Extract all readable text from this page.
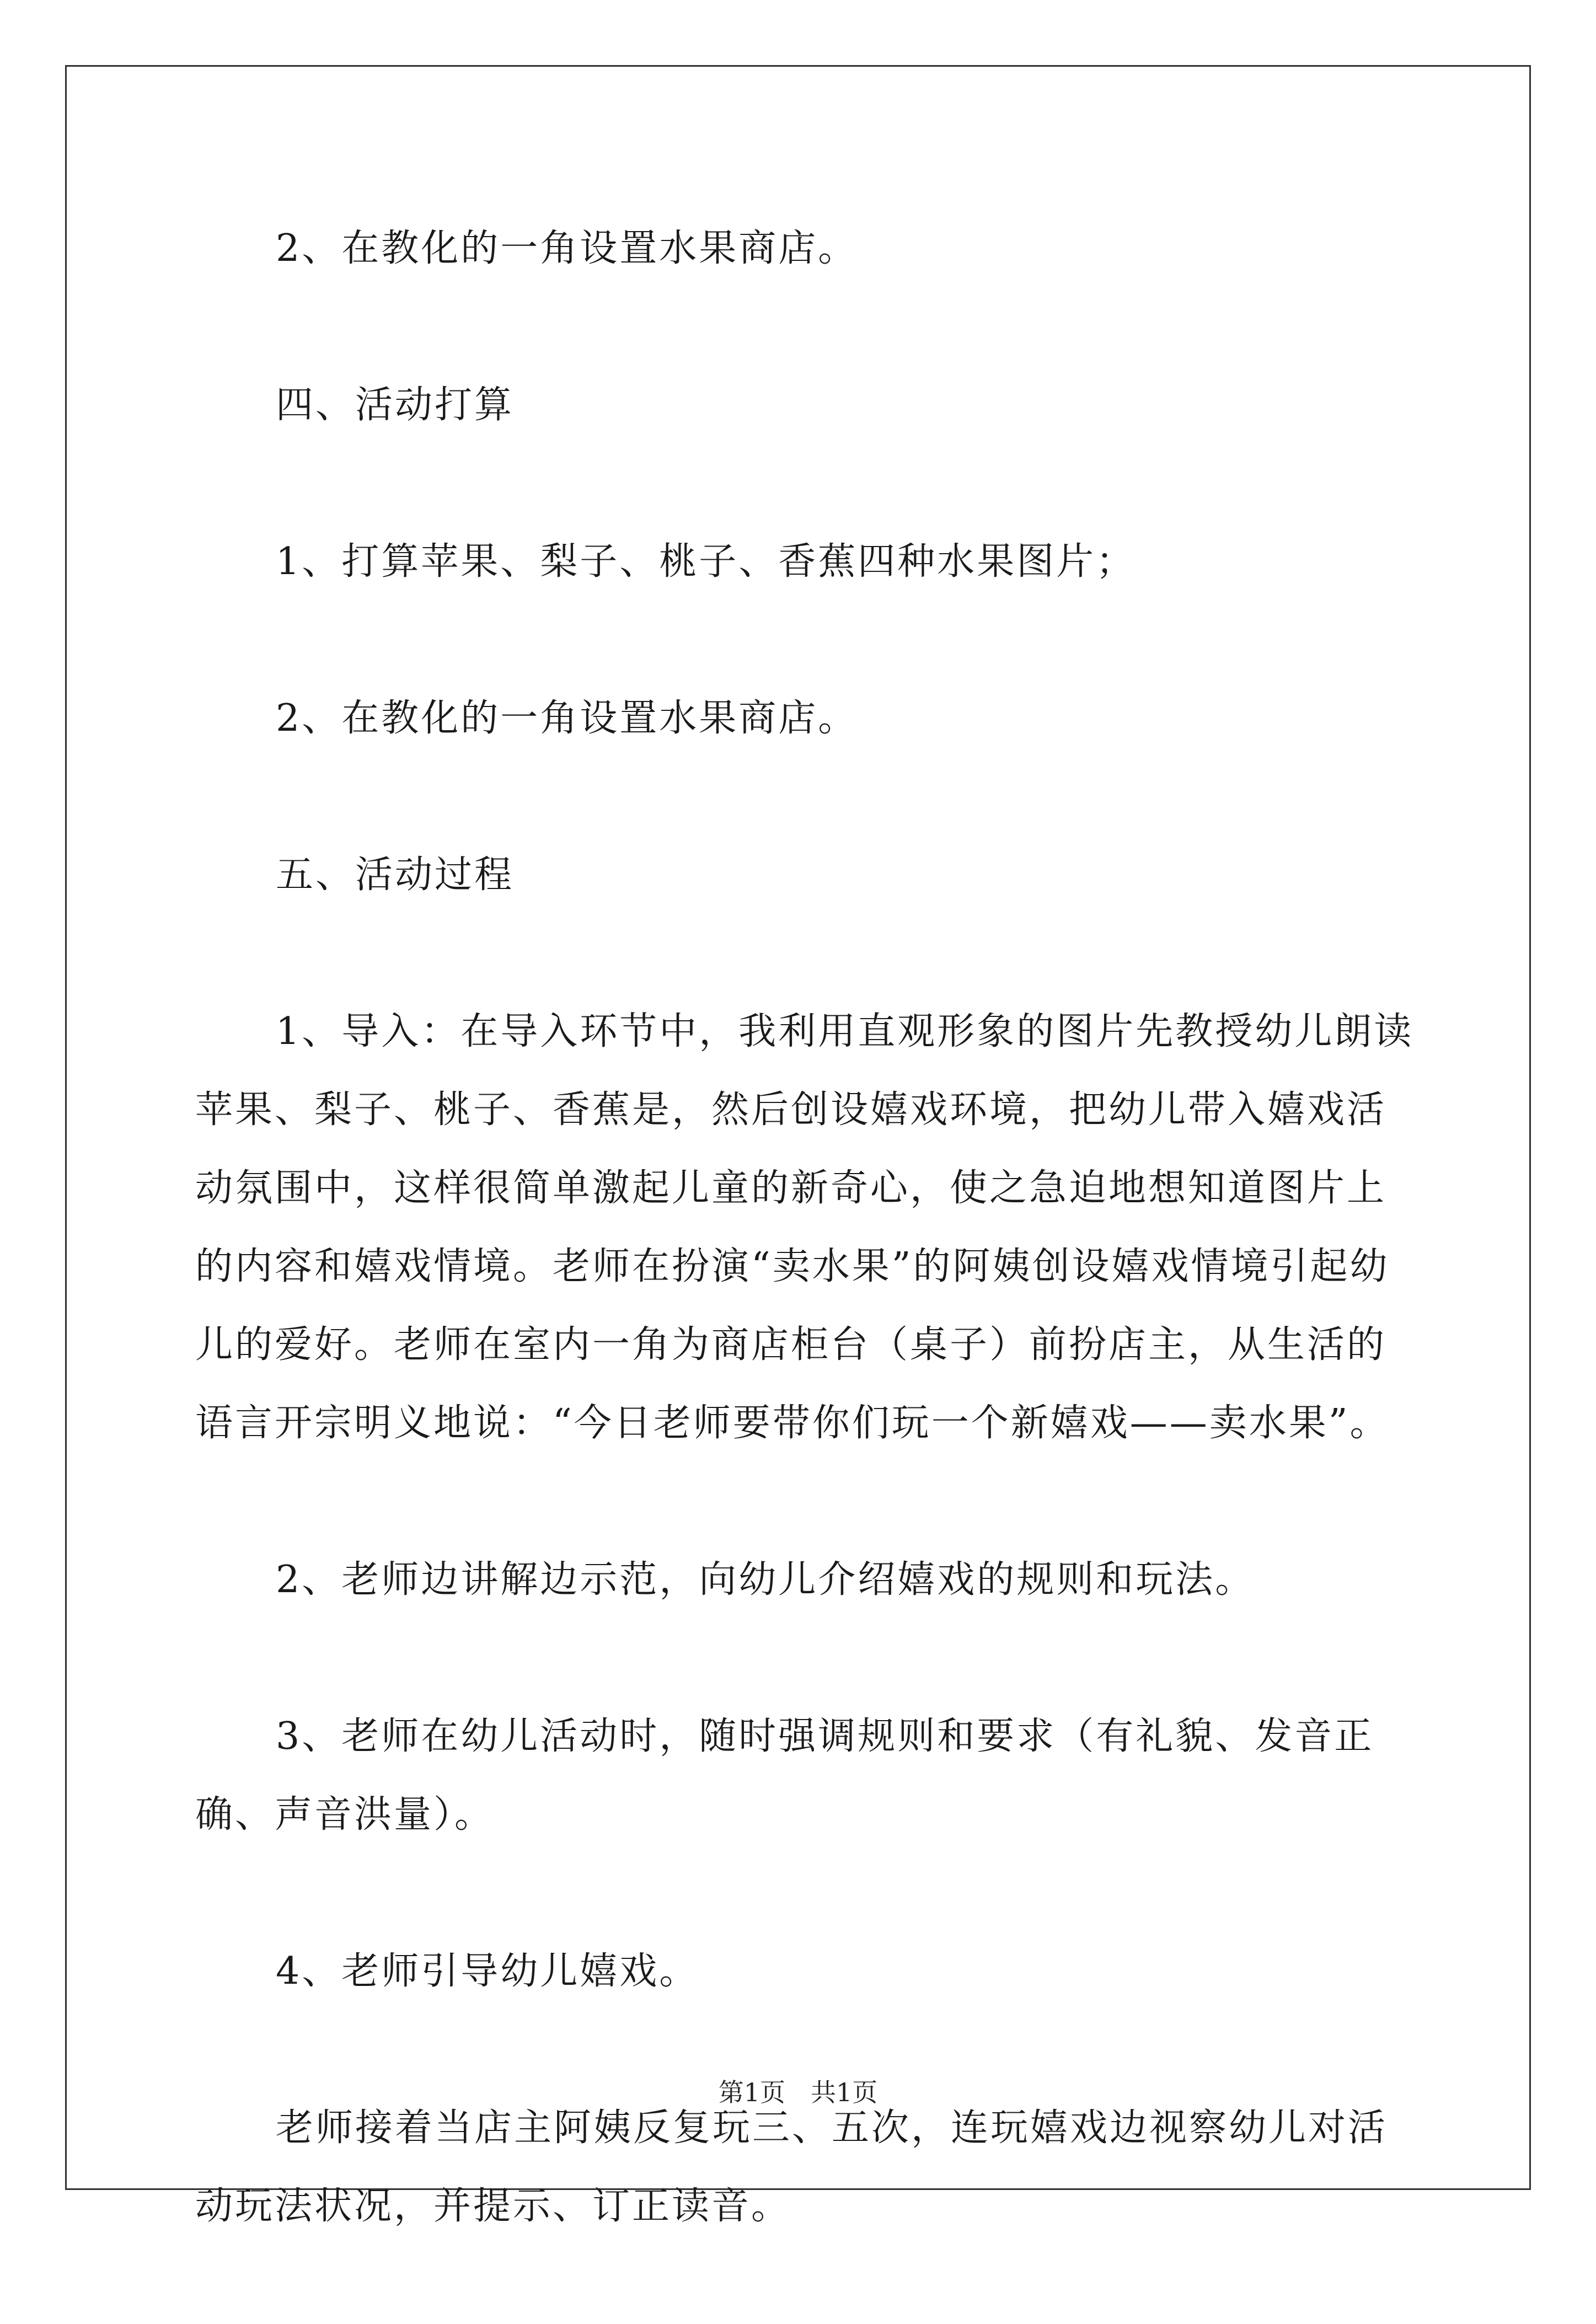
2、在教化的一角设置水果商店。

四、活动打算

1、打算苹果、梨子、桃子、香蕉四种水果图片；

2、在教化的一角设置水果商店。

五、活动过程

1、导入：在导入环节中，我利用直观形象的图片先教授幼儿朗读苹果、梨子、桃子、香蕉是，然后创设嬉戏环境，把幼儿带入嬉戏活动氛围中，这样很简单激起儿童的新奇心，使之急迫地想知道图片上的内容和嬉戏情境。老师在扮演“卖水果”的阿姨创设嬉戏情境引起幼儿的爱好。老师在室内一角为商店柜台（桌子）前扮店主，从生活的语言开宗明义地说：“今日老师要带你们玩一个新嬉戏——卖水果”。

2、老师边讲解边示范，向幼儿介绍嬉戏的规则和玩法。

3、老师在幼儿活动时，随时强调规则和要求（有礼貌、发音正确、声音洪量）。

4、老师引导幼儿嬉戏。

老师接着当店主阿姨反复玩三、五次，连玩嬉戏边视察幼儿对活动玩法状况，并提示、订正读音。

第1页　共1页
